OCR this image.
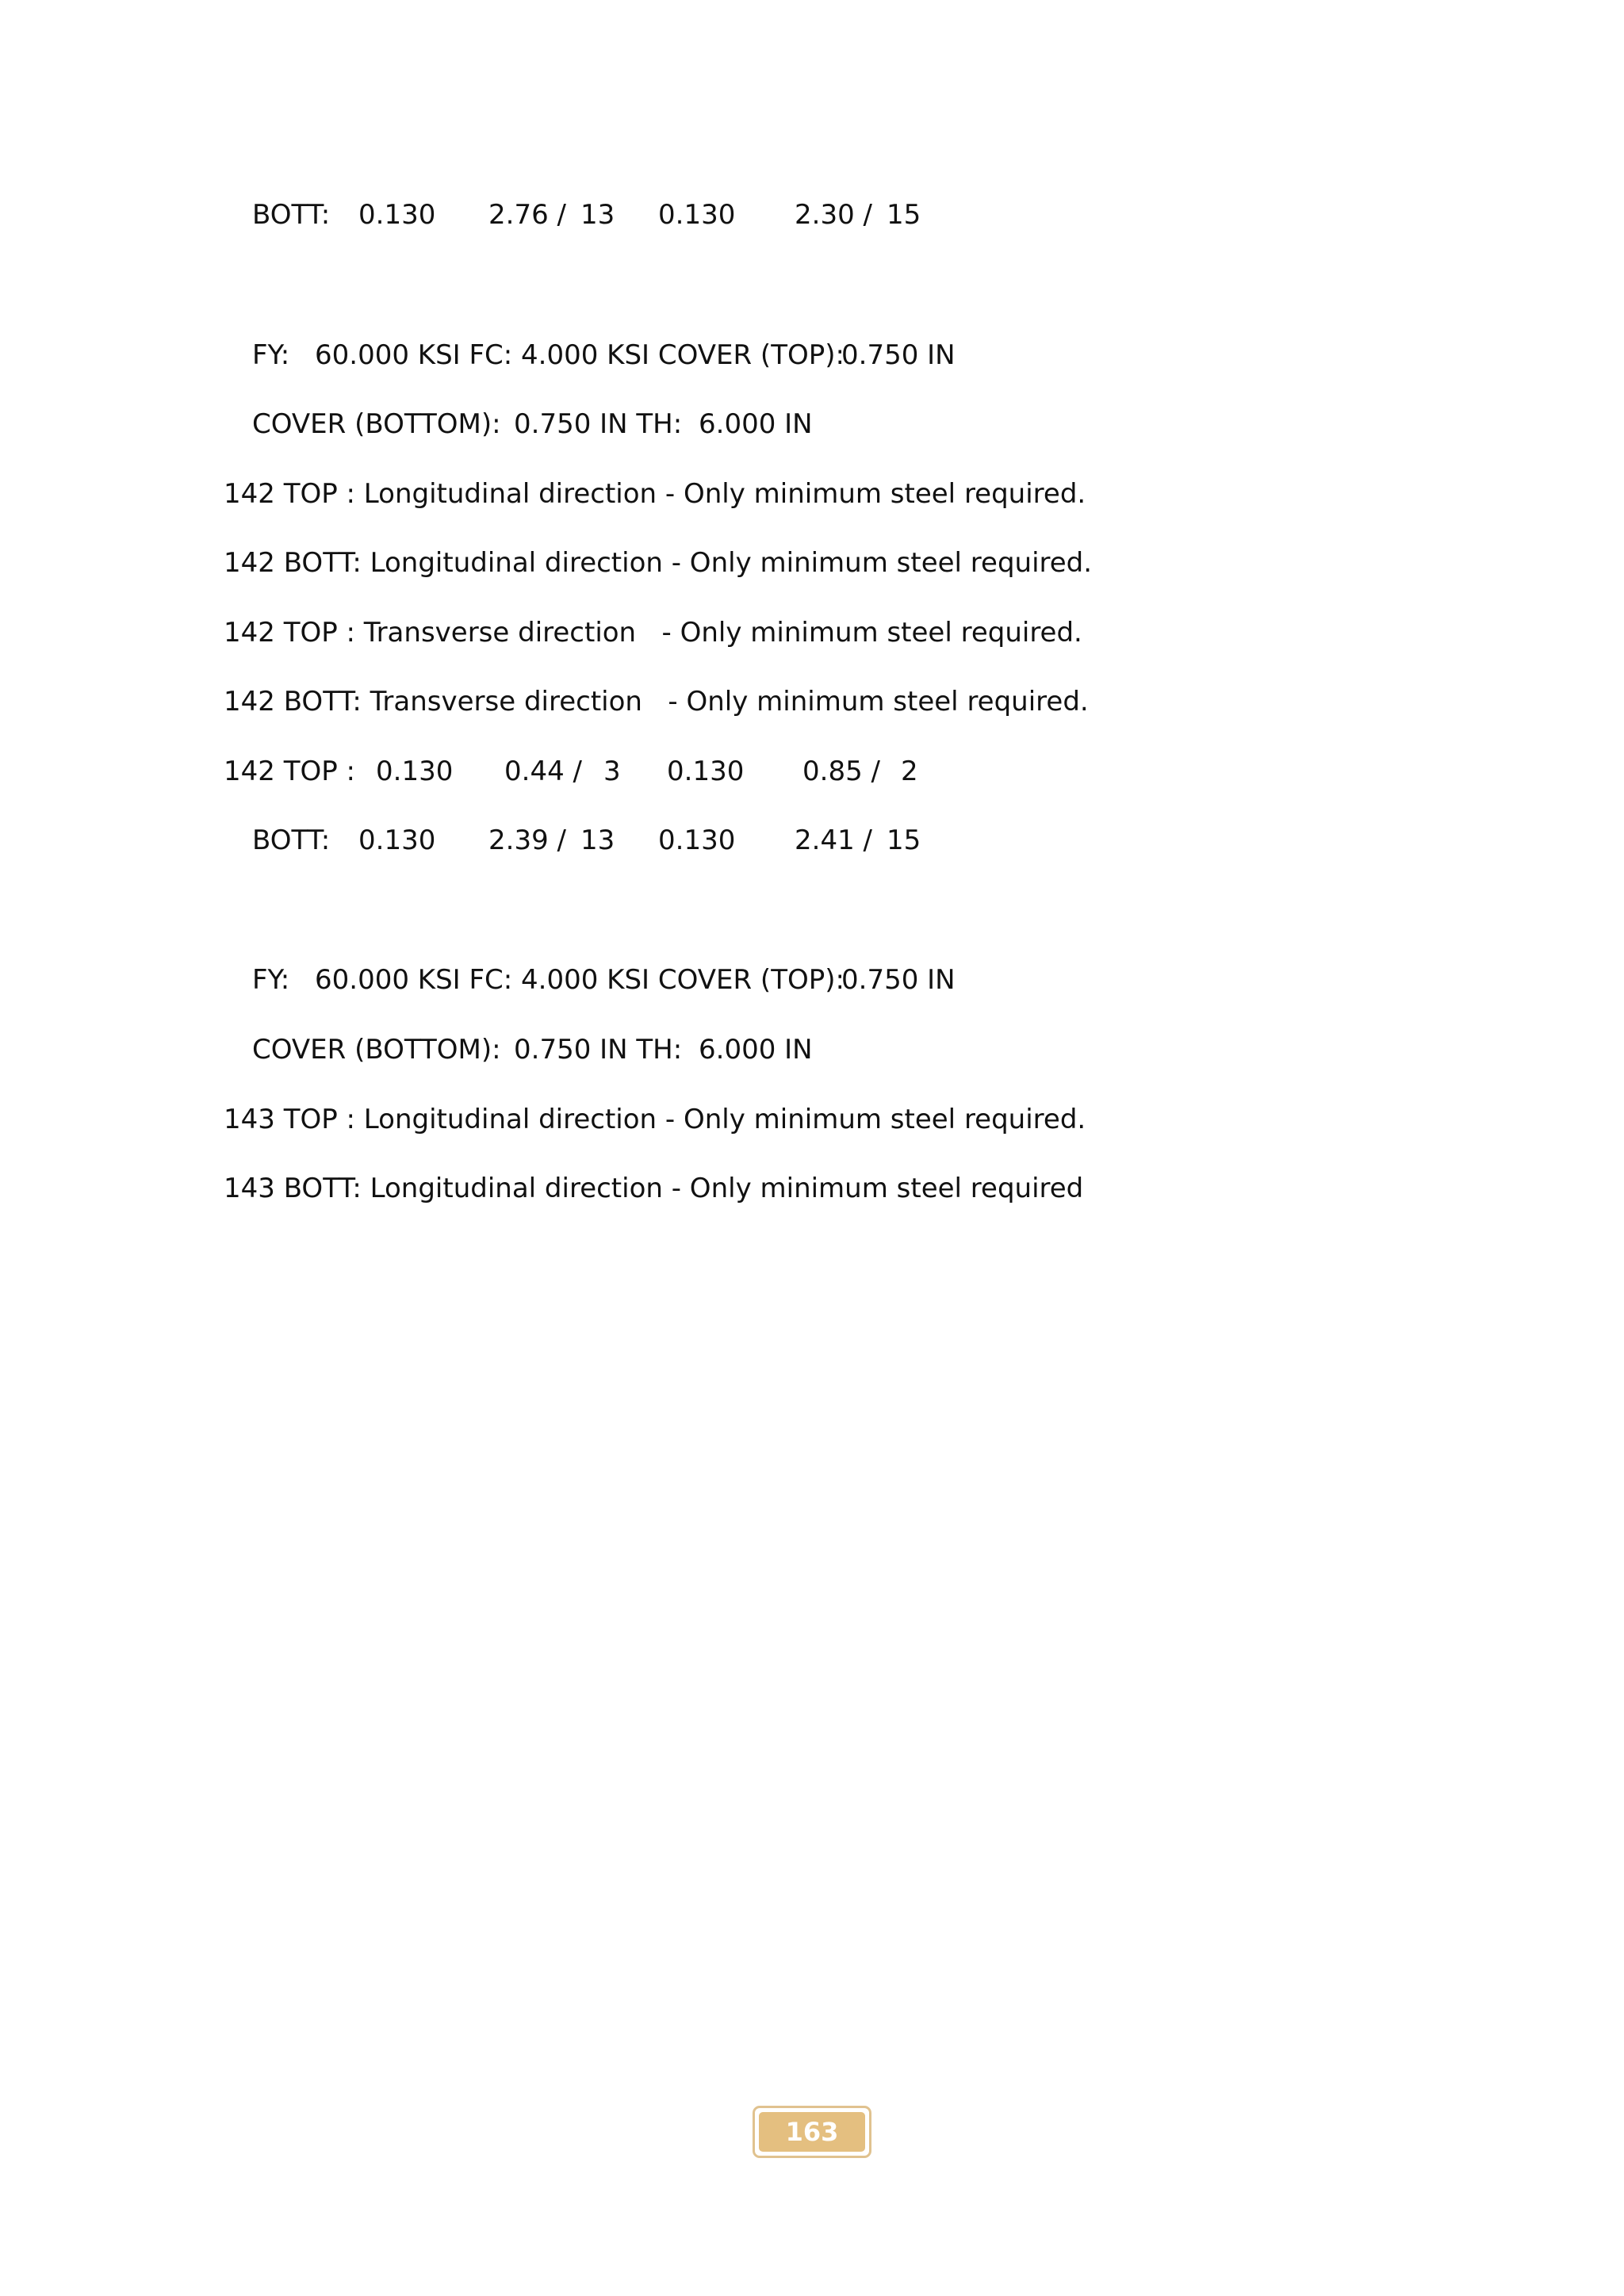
BOTT:

0.130

2.76 /

13

0.130

2.30 /

15

FY:

60.000 KSI FC:

4.000 KSI COVER (TOP):

0.750 IN

COVER (BOTTOM):

0.750 IN TH:

6.000 IN

142 TOP : Longitudinal direction - Only minimum steel required.

142 BOTT: Longitudinal direction - Only minimum steel required.

142 TOP : Transverse direction   - Only minimum steel required.

142 BOTT: Transverse direction   - Only minimum steel required.

142 TOP :

0.130

0.44 /

3

0.130

0.85 /

2

BOTT:

0.130

2.39 /

13

0.130

2.41 /

15

FY:

60.000 KSI FC:

4.000 KSI COVER (TOP):

0.750 IN

COVER (BOTTOM):

0.750 IN TH:

6.000 IN

143 TOP : Longitudinal direction - Only minimum steel required.

143 BOTT: Longitudinal direction - Only minimum steel required

163
